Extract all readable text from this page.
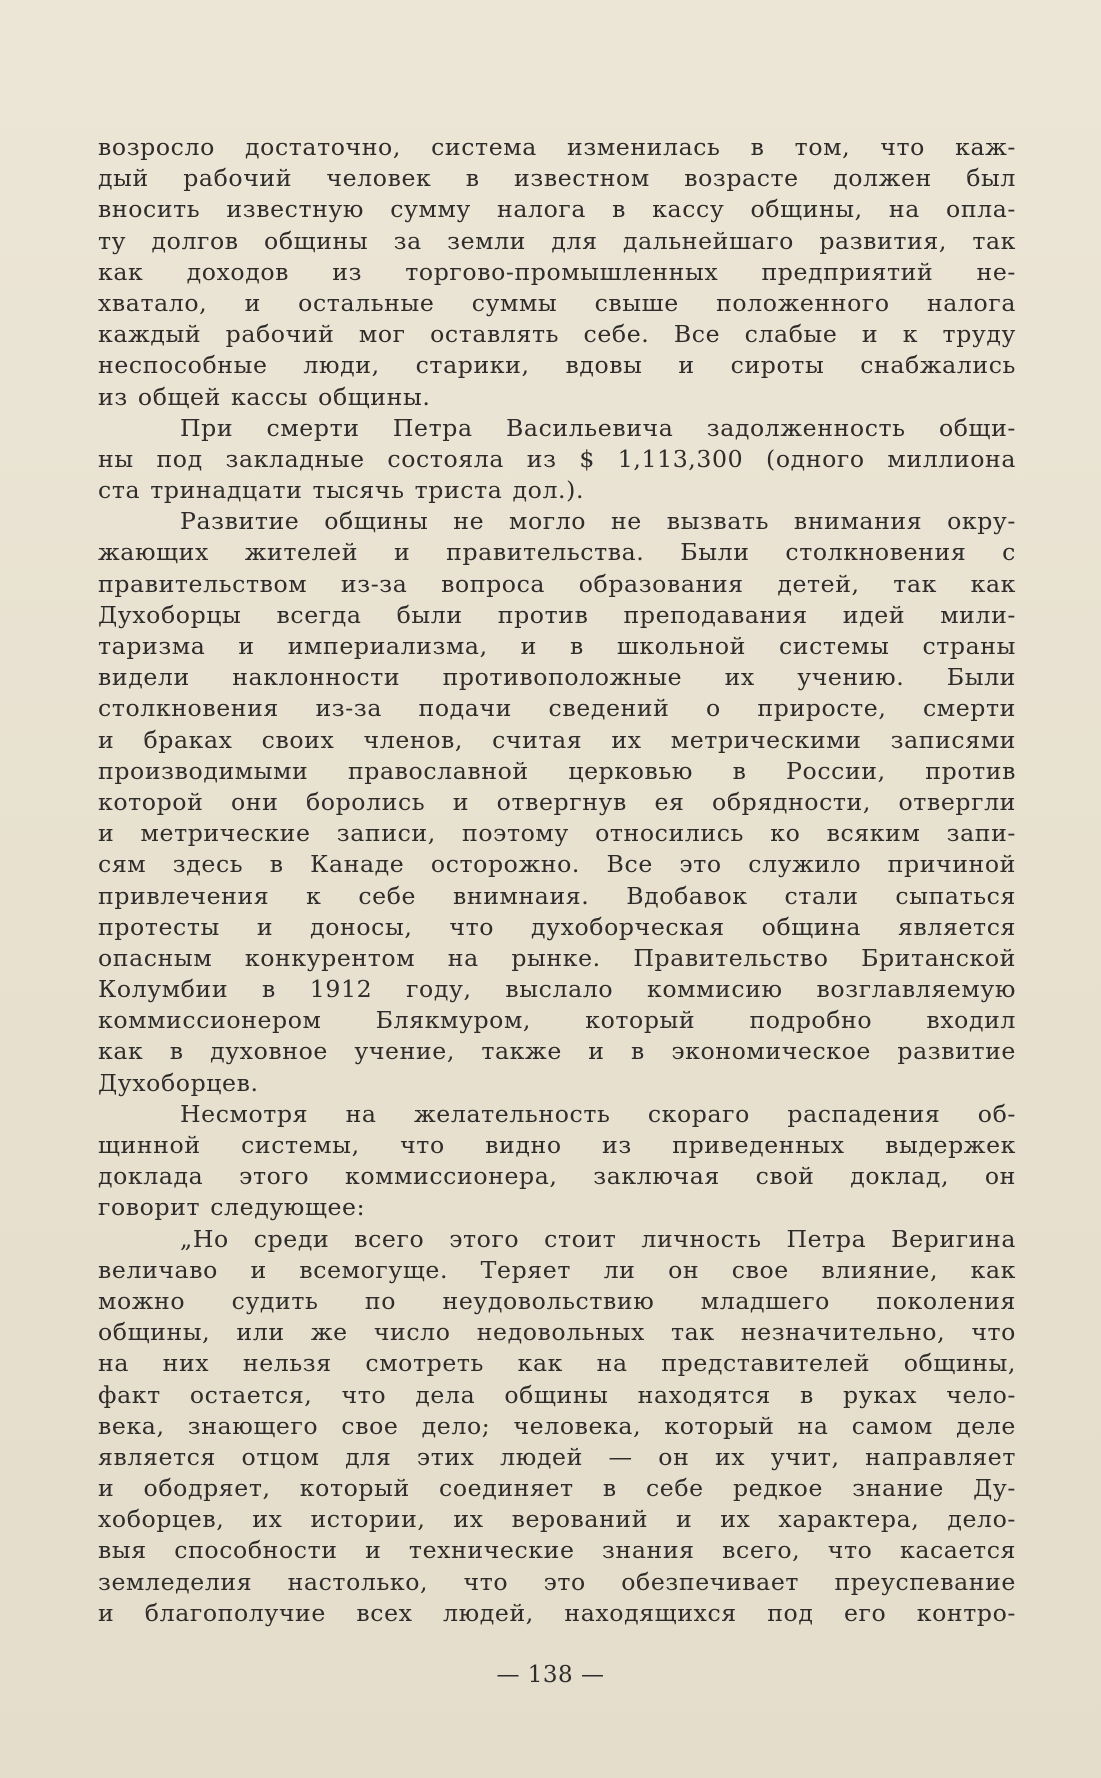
возросло достаточно, система изменилась в том, что каж-
дый рабочий человек в известном возрасте должен был
вносить известную сумму налога в кассу общины, на опла-
ту долгов общины за земли для дальнейшаго развития, так
как доходов из торгово-промышленных предприятий не-
хватало, и остальные суммы свыше положенного налога
каждый рабочий мог оставлять себе. Все слабые и к труду
неспособные люди, старики, вдовы и сироты снабжались
из общей кассы общины.
При смерти Петра Васильевича задолженность общи-
ны под закладные состояла из $ 1,113,300 (одного миллиона
ста тринадцати тысячь триста дол.).
Развитие общины не могло не вызвать внимания окру-
жающих жителей и правительства. Были столкновения с
правительством из-за вопроса образования детей, так как
Духоборцы всегда были против преподавания идей мили-
таризма и империализма, и в школьной системы страны
видели наклонности противоположные их учению. Были
столкновения из-за подачи сведений о приросте, смерти
и браках своих членов, считая их метрическими записями
производимыми православной церковью в России, против
которой они боролись и отвергнув ея обрядности, отвергли
и метрические записи, поэтому относились ко всяким запи-
сям здесь в Канаде осторожно. Все это служило причиной
привлечения к себе внимнаия. Вдобавок стали сыпаться
протесты и доносы, что духоборческая община является
опасным конкурентом на рынке. Правительство Британской
Колумбии в 1912 году, выслало коммисию возглавляемую
коммиссионером Блякмуром, который подробно входил
как в духовное учение, также и в экономическое развитие
Духоборцев.
Несмотря на желательность скораго распадения об-
щинной системы, что видно из приведенных выдержек
доклада этого коммиссионера, заключая свой доклад, он
говорит следующее:
„Но среди всего этого стоит личность Петра Веригина
величаво и всемогуще. Теряет ли он свое влияние, как
можно судить по неудовольствию младшего поколения
общины, или же число недовольных так незначительно, что
на них нельзя смотреть как на представителей общины,
факт остается, что дела общины находятся в руках чело-
века, знающего свое дело; человека, который на самом деле
является отцом для этих людей — он их учит, направляет
и ободряет, который соединяет в себе редкое знание Ду-
хоборцев, их истории, их верований и их характера, дело-
выя способности и технические знания всего, что касается
земледелия настолько, что это обезпечивает преуспевание
и благополучие всех людей, находящихся под его контро-
— 138 —
